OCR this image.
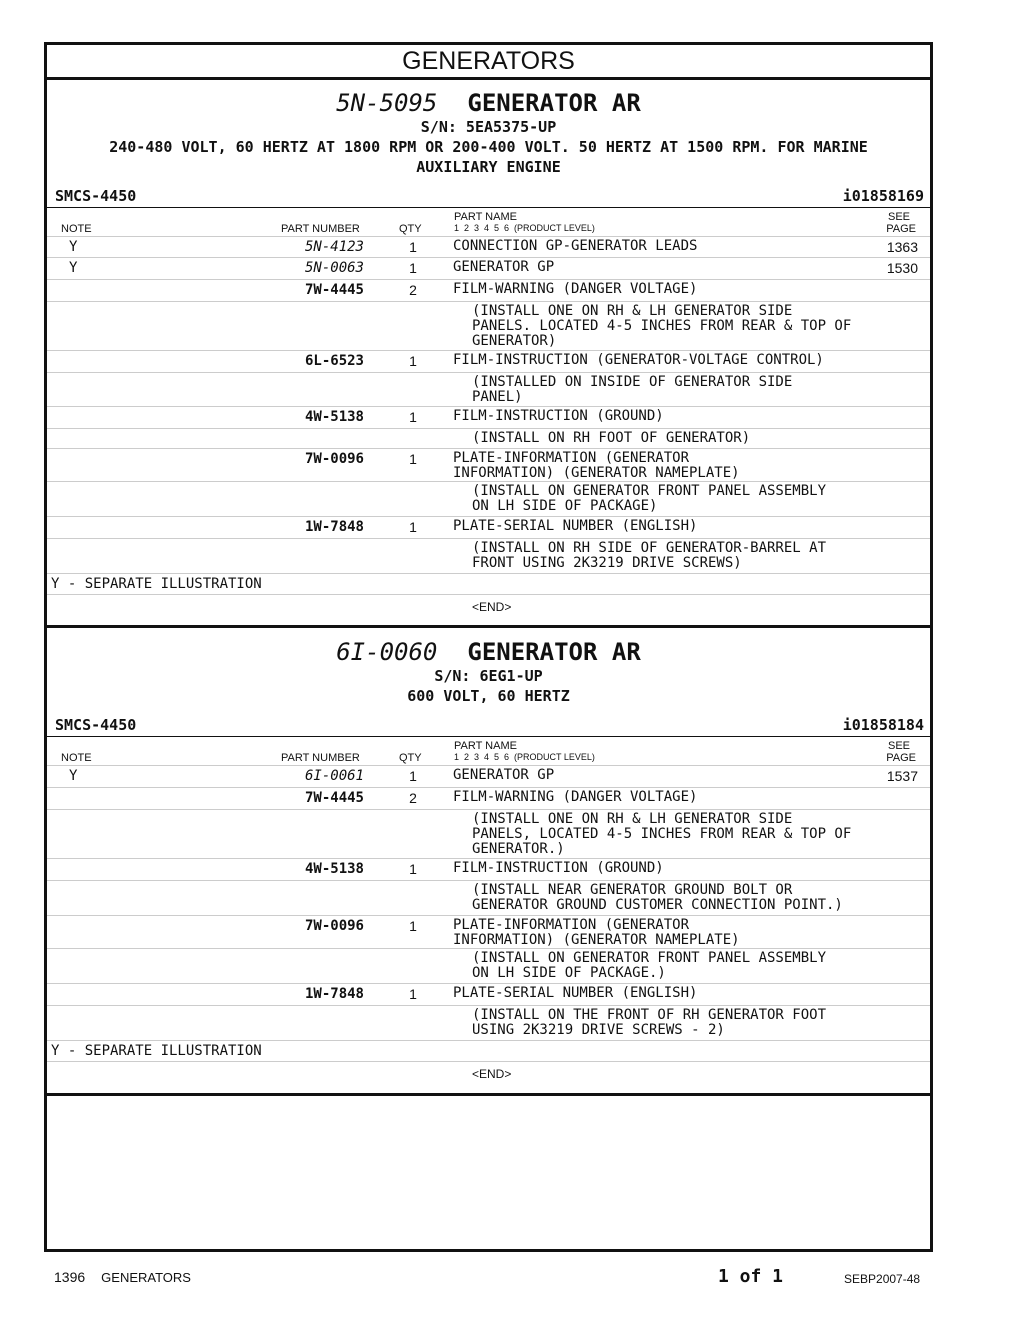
GENERATORS
5N-5095 GENERATOR AR
S/N: 5EA5375-UP
240-480 VOLT, 60 HERTZ AT 1800 RPM OR 200-400 VOLT. 50 HERTZ AT 1500 RPM. FOR MARINE AUXILIARY ENGINE
SMCS-4450	i01858169
NOTE	PART NUMBER	QTY
PART NAME
1  2  3  4  5  6  (PRODUCT LEVEL)
SEE
PAGE
Y	5N-4123	1	CONNECTION GP-GENERATOR LEADS	1363
Y	5N-0063	1	GENERATOR GP	1530
7W-4445	2	FILM-WARNING (DANGER VOLTAGE)
(INSTALL ONE ON RH & LH GENERATOR SIDE
PANELS. LOCATED 4-5 INCHES FROM REAR & TOP OF
GENERATOR)
6L-6523	1	FILM-INSTRUCTION (GENERATOR-VOLTAGE CONTROL)
(INSTALLED ON INSIDE OF GENERATOR SIDE
PANEL)
4W-5138	1	FILM-INSTRUCTION (GROUND)
(INSTALL ON RH FOOT OF GENERATOR)
7W-0096	1	PLATE-INFORMATION (GENERATOR
INFORMATION) (GENERATOR NAMEPLATE)
(INSTALL ON GENERATOR FRONT PANEL ASSEMBLY
ON LH SIDE OF PACKAGE)
1W-7848	1	PLATE-SERIAL NUMBER (ENGLISH)
(INSTALL ON RH SIDE OF GENERATOR-BARREL AT
FRONT USING 2K3219 DRIVE SCREWS)
Y - SEPARATE ILLUSTRATION
<END>
6I-0060 GENERATOR AR
S/N: 6EG1-UP
600 VOLT, 60 HERTZ
SMCS-4450	i01858184
NOTE	PART NUMBER	QTY
PART NAME
1  2  3  4  5  6  (PRODUCT LEVEL)
SEE
PAGE
Y	6I-0061	1	GENERATOR GP	1537
7W-4445	2	FILM-WARNING (DANGER VOLTAGE)
(INSTALL ONE ON RH & LH GENERATOR SIDE
PANELS, LOCATED 4-5 INCHES FROM REAR & TOP OF
GENERATOR.)
4W-5138	1	FILM-INSTRUCTION (GROUND)
(INSTALL NEAR GENERATOR GROUND BOLT OR
GENERATOR GROUND CUSTOMER CONNECTION POINT.)
7W-0096	1	PLATE-INFORMATION (GENERATOR
INFORMATION) (GENERATOR NAMEPLATE)
(INSTALL ON GENERATOR FRONT PANEL ASSEMBLY
ON LH SIDE OF PACKAGE.)
1W-7848	1	PLATE-SERIAL NUMBER (ENGLISH)
(INSTALL ON THE FRONT OF RH GENERATOR FOOT
USING 2K3219 DRIVE SCREWS - 2)
Y - SEPARATE ILLUSTRATION
<END>
1396 GENERATORS	1 of 1	SEBP2007-48
